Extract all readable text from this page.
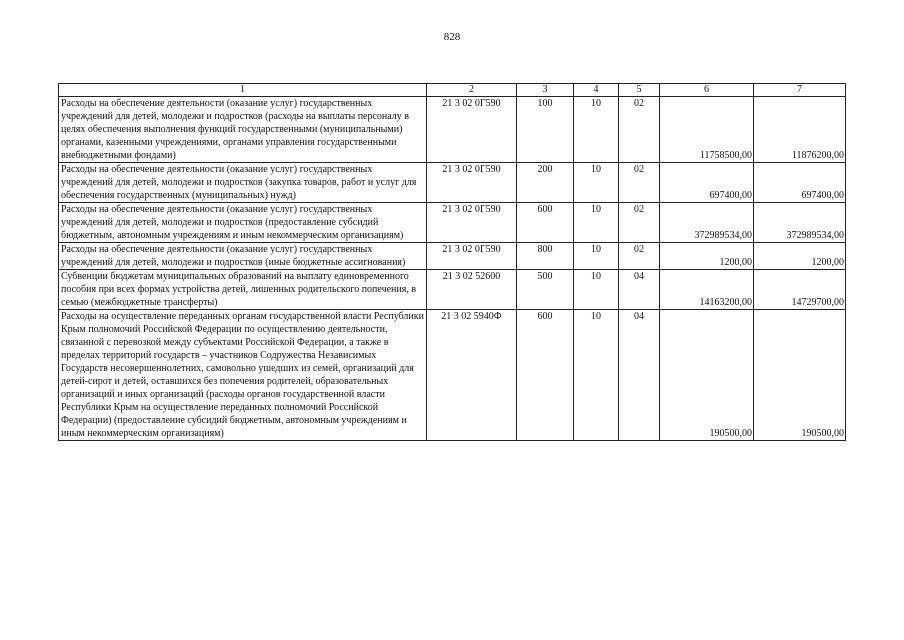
828
1	2	3	4	5	6	7
Расходы на обеспечение деятельности (оказание услуг) государственных учреждений для детей, молодежи и подростков (расходы на выплаты персоналу в целях обеспечения выполнения функций государственными (муниципальными) органами, казенными учреждениями, органами управления государственными внебюджетными фондами)	21 3 02 0Г590	100	10	02	11758500,00	11876200,00
Расходы на обеспечение деятельности (оказание услуг) государственных учреждений для детей, молодежи и подростков (закупка товаров, работ и услуг для обеспечения государственных (муниципальных) нужд)	21 3 02 0Г590	200	10	02	697400,00	697400,00
Расходы на обеспечение деятельности (оказание услуг) государственных учреждений для детей, молодежи и подростков (предоставление субсидий бюджетным, автономным учреждениям и иным некоммерческим организациям)	21 3 02 0Г590	600	10	02	372989534,00	372989534,00
Расходы на обеспечение деятельности (оказание услуг) государственных учреждений для детей, молодежи и подростков (иные бюджетные ассигнования)	21 3 02 0Г590	800	10	02	1200,00	1200,00
Субвенции бюджетам муниципальных образований на выплату единовременного пособия при всех формах устройства детей, лишенных родительского попечения, в семью (межбюджетные трансферты)	21 3 02 52600	500	10	04	14163200,00	14729700,00
Расходы на осуществление переданных органам государственной власти Республики Крым полномочий Российской Федерации по осуществлению деятельности, связанной с перевозкой между субъектами Российской Федерации, а также в пределах территорий государств – участников Содружества Независимых Государств несовершеннолетних, самовольно ушедших из семей, организаций для детей-сирот и детей, оставшихся без попечения родителей, образовательных организаций и иных организаций (расходы органов государственной власти Республики Крым на осуществление переданных полномочий Российской Федерации) (предоставление субсидий бюджетным, автономным учреждениям и иным некоммерческим организациям)	21 3 02 5940Ф	600	10	04	190500,00	190500,00
